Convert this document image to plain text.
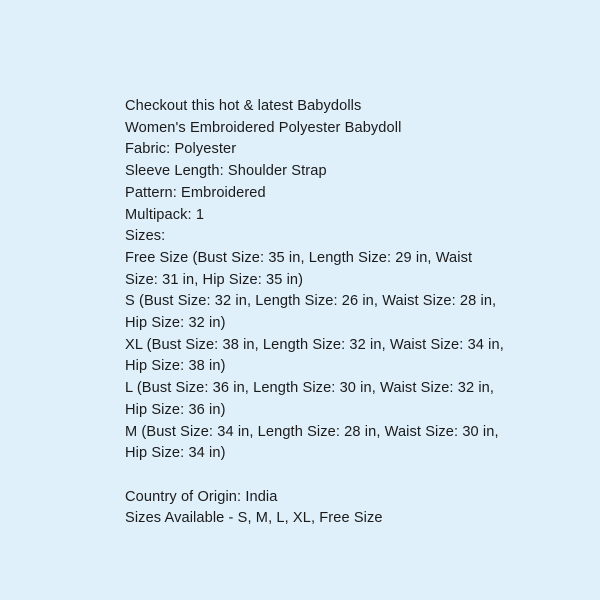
Checkout this hot & latest Babydolls
Women's Embroidered Polyester Babydoll
Fabric: Polyester
Sleeve Length: Shoulder Strap
Pattern: Embroidered
Multipack: 1
Sizes:
Free Size (Bust Size: 35 in, Length Size: 29 in, Waist Size: 31 in, Hip Size: 35 in)
S (Bust Size: 32 in, Length Size: 26 in, Waist Size: 28 in, Hip Size: 32 in)
XL (Bust Size: 38 in, Length Size: 32 in, Waist Size: 34 in, Hip Size: 38 in)
L (Bust Size: 36 in, Length Size: 30 in, Waist Size: 32 in, Hip Size: 36 in)
M (Bust Size: 34 in, Length Size: 28 in, Waist Size: 30 in, Hip Size: 34 in)
Country of Origin: India
Sizes Available - S, M, L, XL, Free Size
